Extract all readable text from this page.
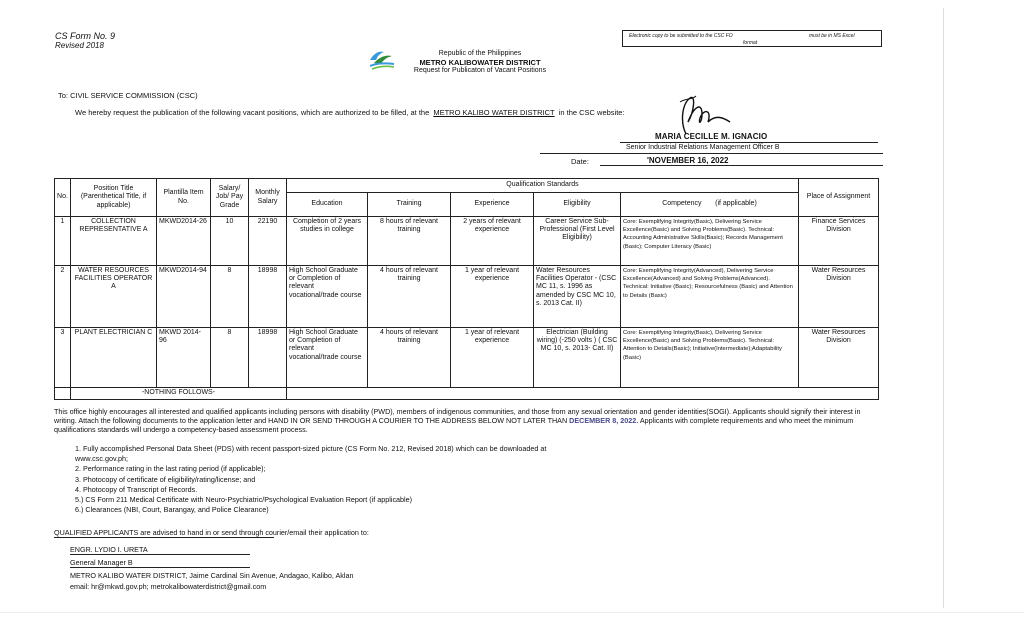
CS Form No. 9
Revised 2018
Electronic copy to be submitted to the CSC FO	must be in MS Excel
format
Republic of the Philippines
METRO KALIBOWATER DISTRICT
Request for Publicaton of Vacant Positions
To: CIVIL SERVICE COMMISSION (CSC)
We hereby request the publication of the following vacant positions, which are authorized to be filled, at the METRO KALIBO WATER DISTRICT in the CSC website:
MARIA CECILLE M. IGNACIO
Senior Industrial Relations Management Officer B
Date:	'NOVEMBER 16, 2022
No.	Position Title (Parenthetical Title, if applicable)	Plantilla Item No.	Salary/ Job/ Pay Grade	Monthly Salary	Qualification Standards					Place of Assignment
					Education	Training	Experience	Eligibility	Competency (if applicable)	
1	COLLECTION REPRESENTATIVE A	MKWD2014-26	10	22190	Completion of 2 years studies in college	8 hours of relevant training	2 years of relevant experience	Career Service Sub-Professional (First Level Eligibility)	Core: Exemplifying Integrity(Basic), Delivering Service Excellence(Basic) and Solving Problems(Basic). Technical: Accounting Administrative Skills(Basic); Records Management (Basic); Computer Literacy (Basic)	Finance Services Division
2	WATER RESOURCES FACILITIES OPERATOR A	MKWD2014-94	8	18998	High School Graduate or Completion of relevant vocational/trade course	4 hours of relevant training	1 year of relevant experience	Water Resources Facilities Operator - (CSC MC 11, s. 1996 as amended by CSC MC 10, s. 2013 Cat. II)	Core: Exemplifying Integrity(Advanced), Delivering Service Excellence(Advanced) and Solving Problems(Advanced). Technical: Initiative (Basic); Resourcefulness (Basic) and Attention to Details (Basic)	Water Resources Division
3	PLANT ELECTRICIAN C	MKWD 2014-96	8	18998	High School Graduate or Completion of relevant vocational/trade course	4 hours of relevant training	1 year of relevant experience	Electrician (Building wiring) (-250 volts ) ( CSC MC 10, s. 2013- Cat. II)	Core: Exemplifying Integrity(Basic), Delivering Service Excellence(Basic) and Solving Problems(Basic). Technical: Attention to Details(Basic); Initiative(Intermediate);Adaptability (Basic)	Water Resources Division
	-NOTHING FOLLOWS-									
This office highly encourages all interested and qualified applicants including persons with disability (PWD), members of indigenous communities, and those from any sexual orientation and gender identities(SOGI). Applicants should signify their interest in writing. Attach the following documents to the application letter and HAND IN OR SEND THROUGH A COURIER TO THE ADDRESS BELOW NOT LATER THAN DECEMBER 8, 2022. Applicants with complete requirements and who meet the minimum qualifications standards will undergo a competency-based assessment process.
1. Fully accomplished Personal Data Sheet (PDS) with recent passport-sized picture (CS Form No. 212, Revised 2018) which can be downloaded at
www.csc.gov.ph;
2. Performance rating in the last rating period (if applicable);
3. Photocopy of certificate of eligibility/rating/license; and
4. Photocopy of Transcript of Records.
5.) CS Form 211 Medical Certificate with Neuro-Psychiatric/Psychological Evaluation Report (if applicable)
6.) Clearances (NBI, Court, Barangay, and Police Clearance)
QUALIFIED APPLICANTS are advised to hand in or send through courier/email their application to:
ENGR. LYDIO I. URETA
General Manager B
METRO KALIBO WATER DISTRICT, Jaime Cardinal Sin Avenue, Andagao, Kalibo, Aklan
email: hr@mkwd.gov.ph; metrokalibowaterdistrict@gmail.com
